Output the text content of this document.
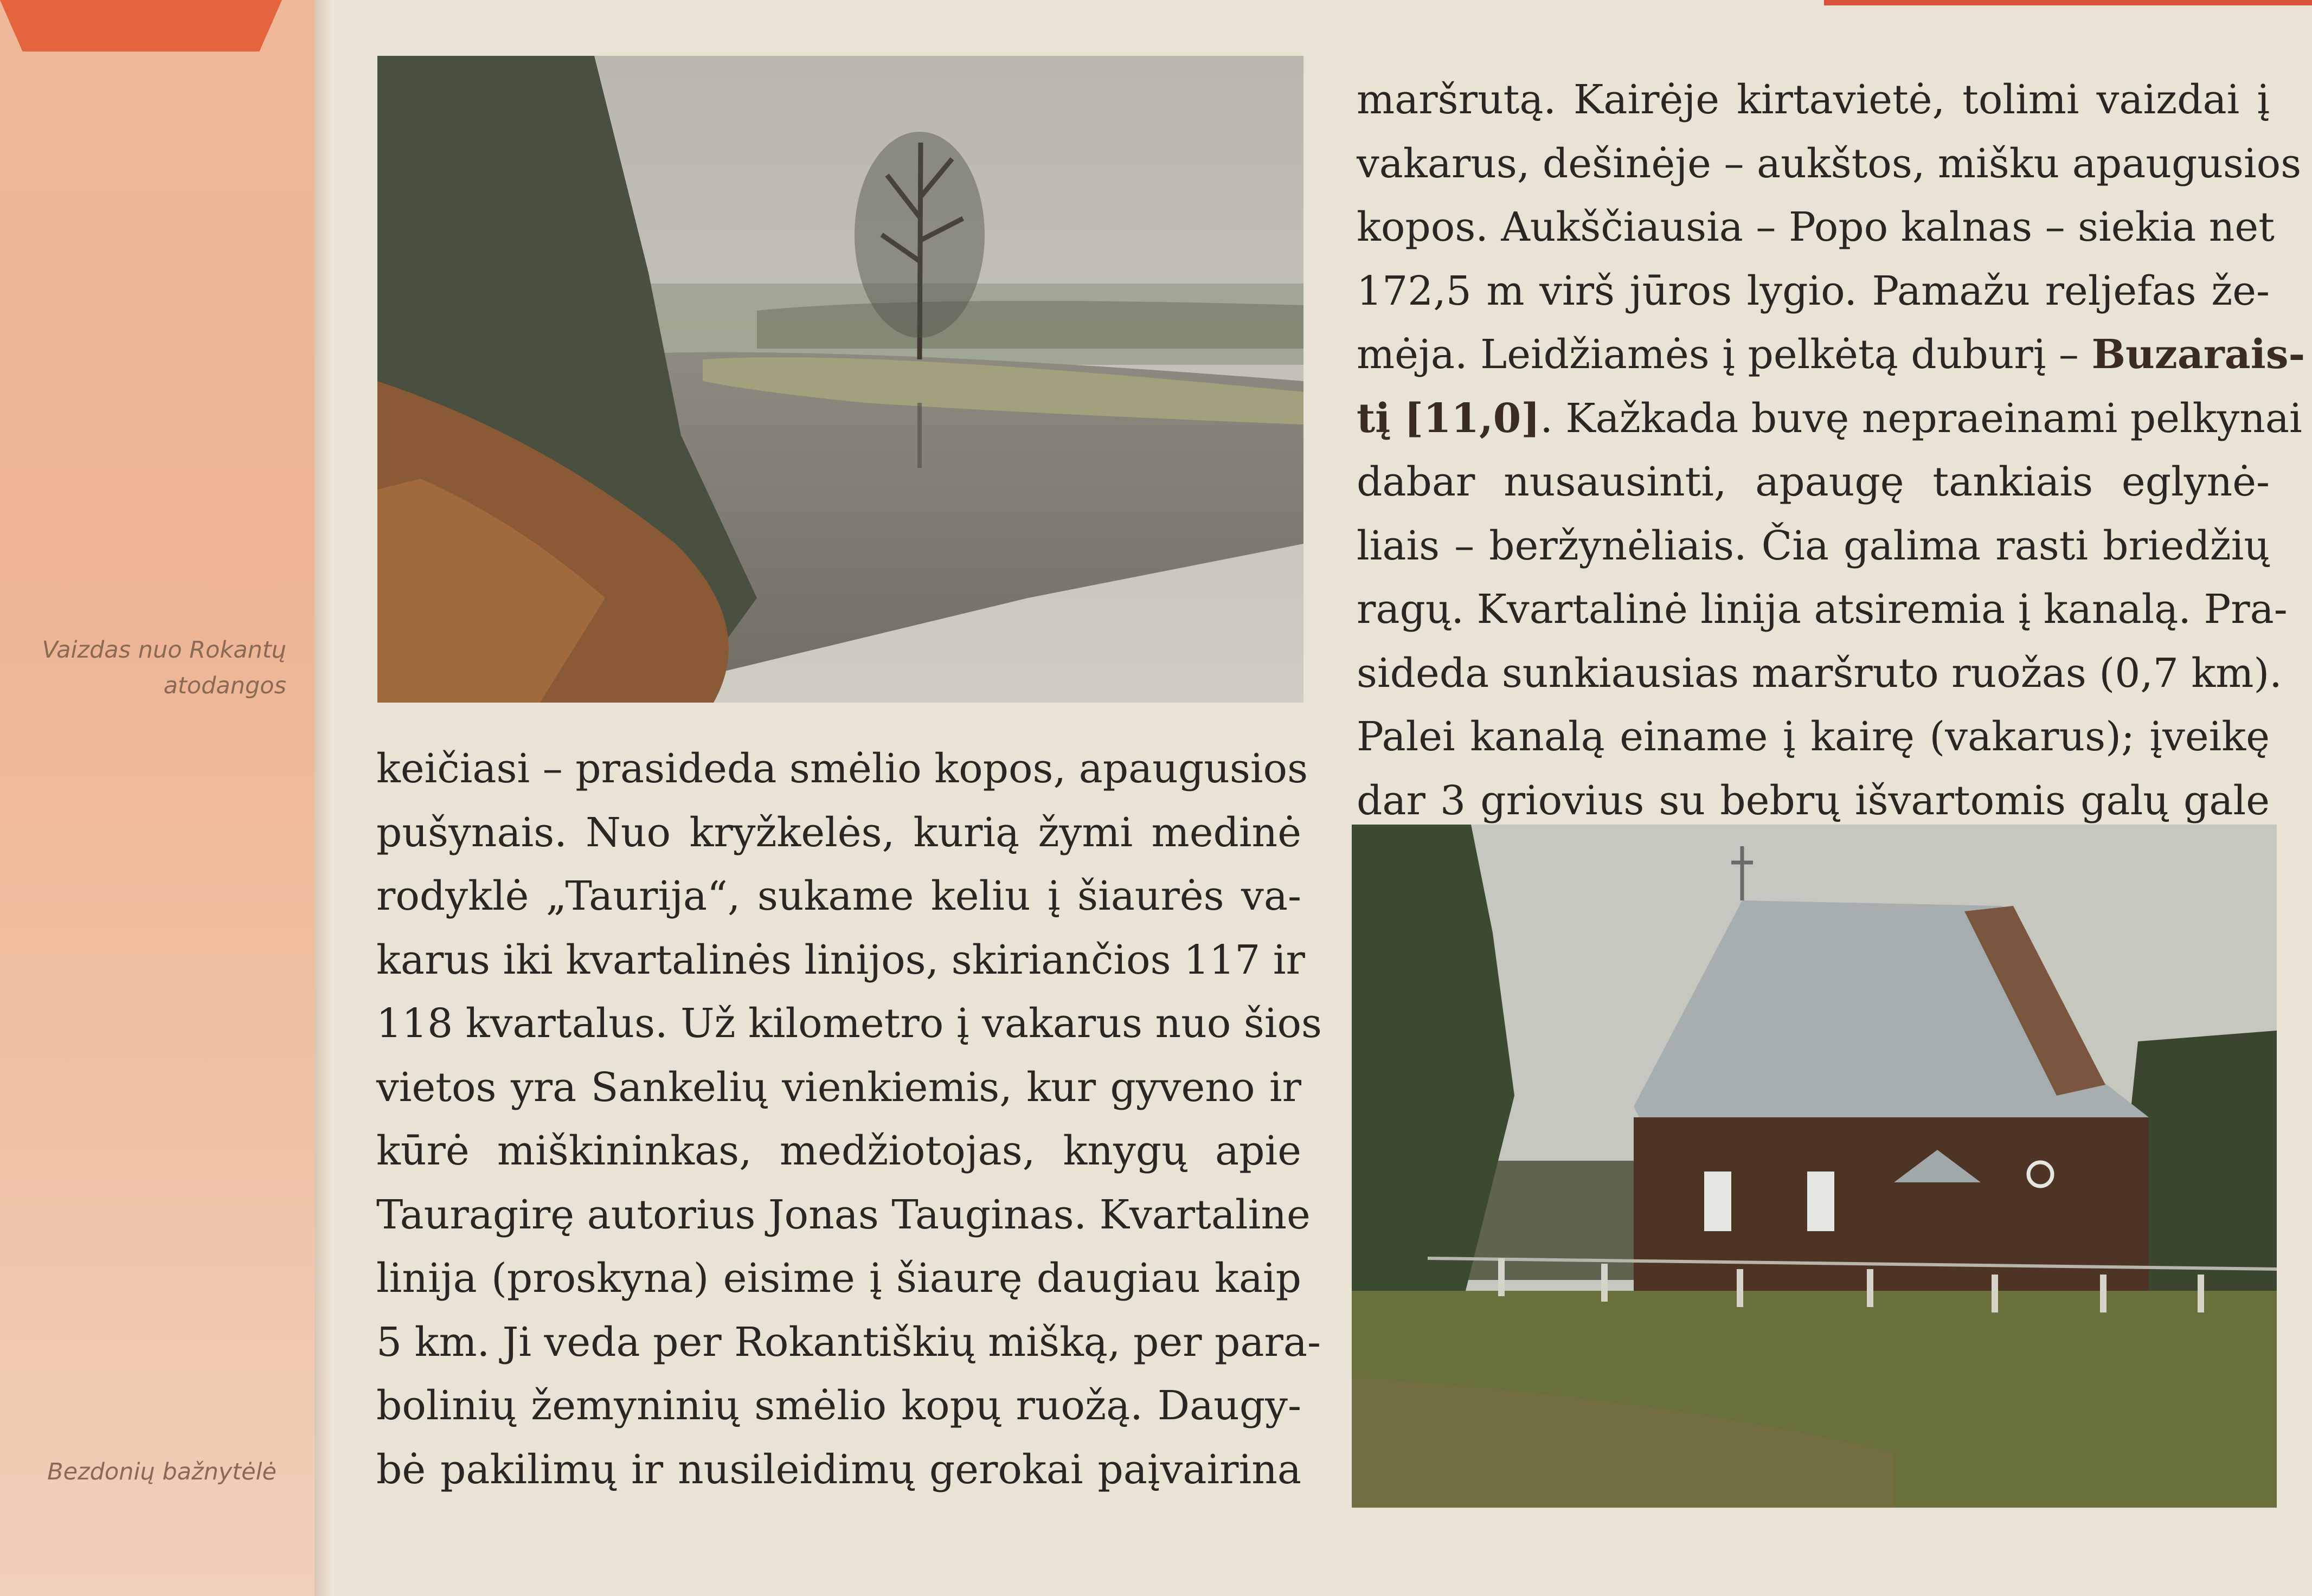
Vaizdas nuo Rokantų
atodangos
Bezdonių bažnytėlė
maršrutą. Kairėje kirtavietė, tolimi vaizdai į
vakarus, dešinėje – aukštos, mišku apaugusios
kopos. Aukščiausia – Popo kalnas – siekia net
172,5 m virš jūros lygio. Pamažu reljefas že-
mėja. Leidžiamės į pelkėtą duburį – Buzarais-
tį [11,0]. Kažkada buvę nepraeinami pelkynai
dabar nusausinti, apaugę tankiais eglynė-
liais – beržynėliais. Čia galima rasti briedžių
ragų. Kvartalinė linija atsiremia į kanalą. Pra-
sideda sunkiausias maršruto ruožas (0,7 km).
Palei kanalą einame į kairę (vakarus); įveikę
dar 3 griovius su bebrų išvartomis galų gale
keičiasi – prasideda smėlio kopos, apaugusios
pušynais. Nuo kryžkelės, kurią žymi medinė
rodyklė „Taurija“, sukame keliu į šiaurės va-
karus iki kvartalinės linijos, skiriančios 117 ir
118 kvartalus. Už kilometro į vakarus nuo šios
vietos yra Sankelių vienkiemis, kur gyveno ir
kūrė miškininkas, medžiotojas, knygų apie
Tauragirę autorius Jonas Tauginas. Kvartaline
linija (proskyna) eisime į šiaurę daugiau kaip
5 km. Ji veda per Rokantiškių mišką, per para-
bolinių žemyninių smėlio kopų ruožą. Daugy-
bė pakilimų ir nusileidimų gerokai paįvairina
